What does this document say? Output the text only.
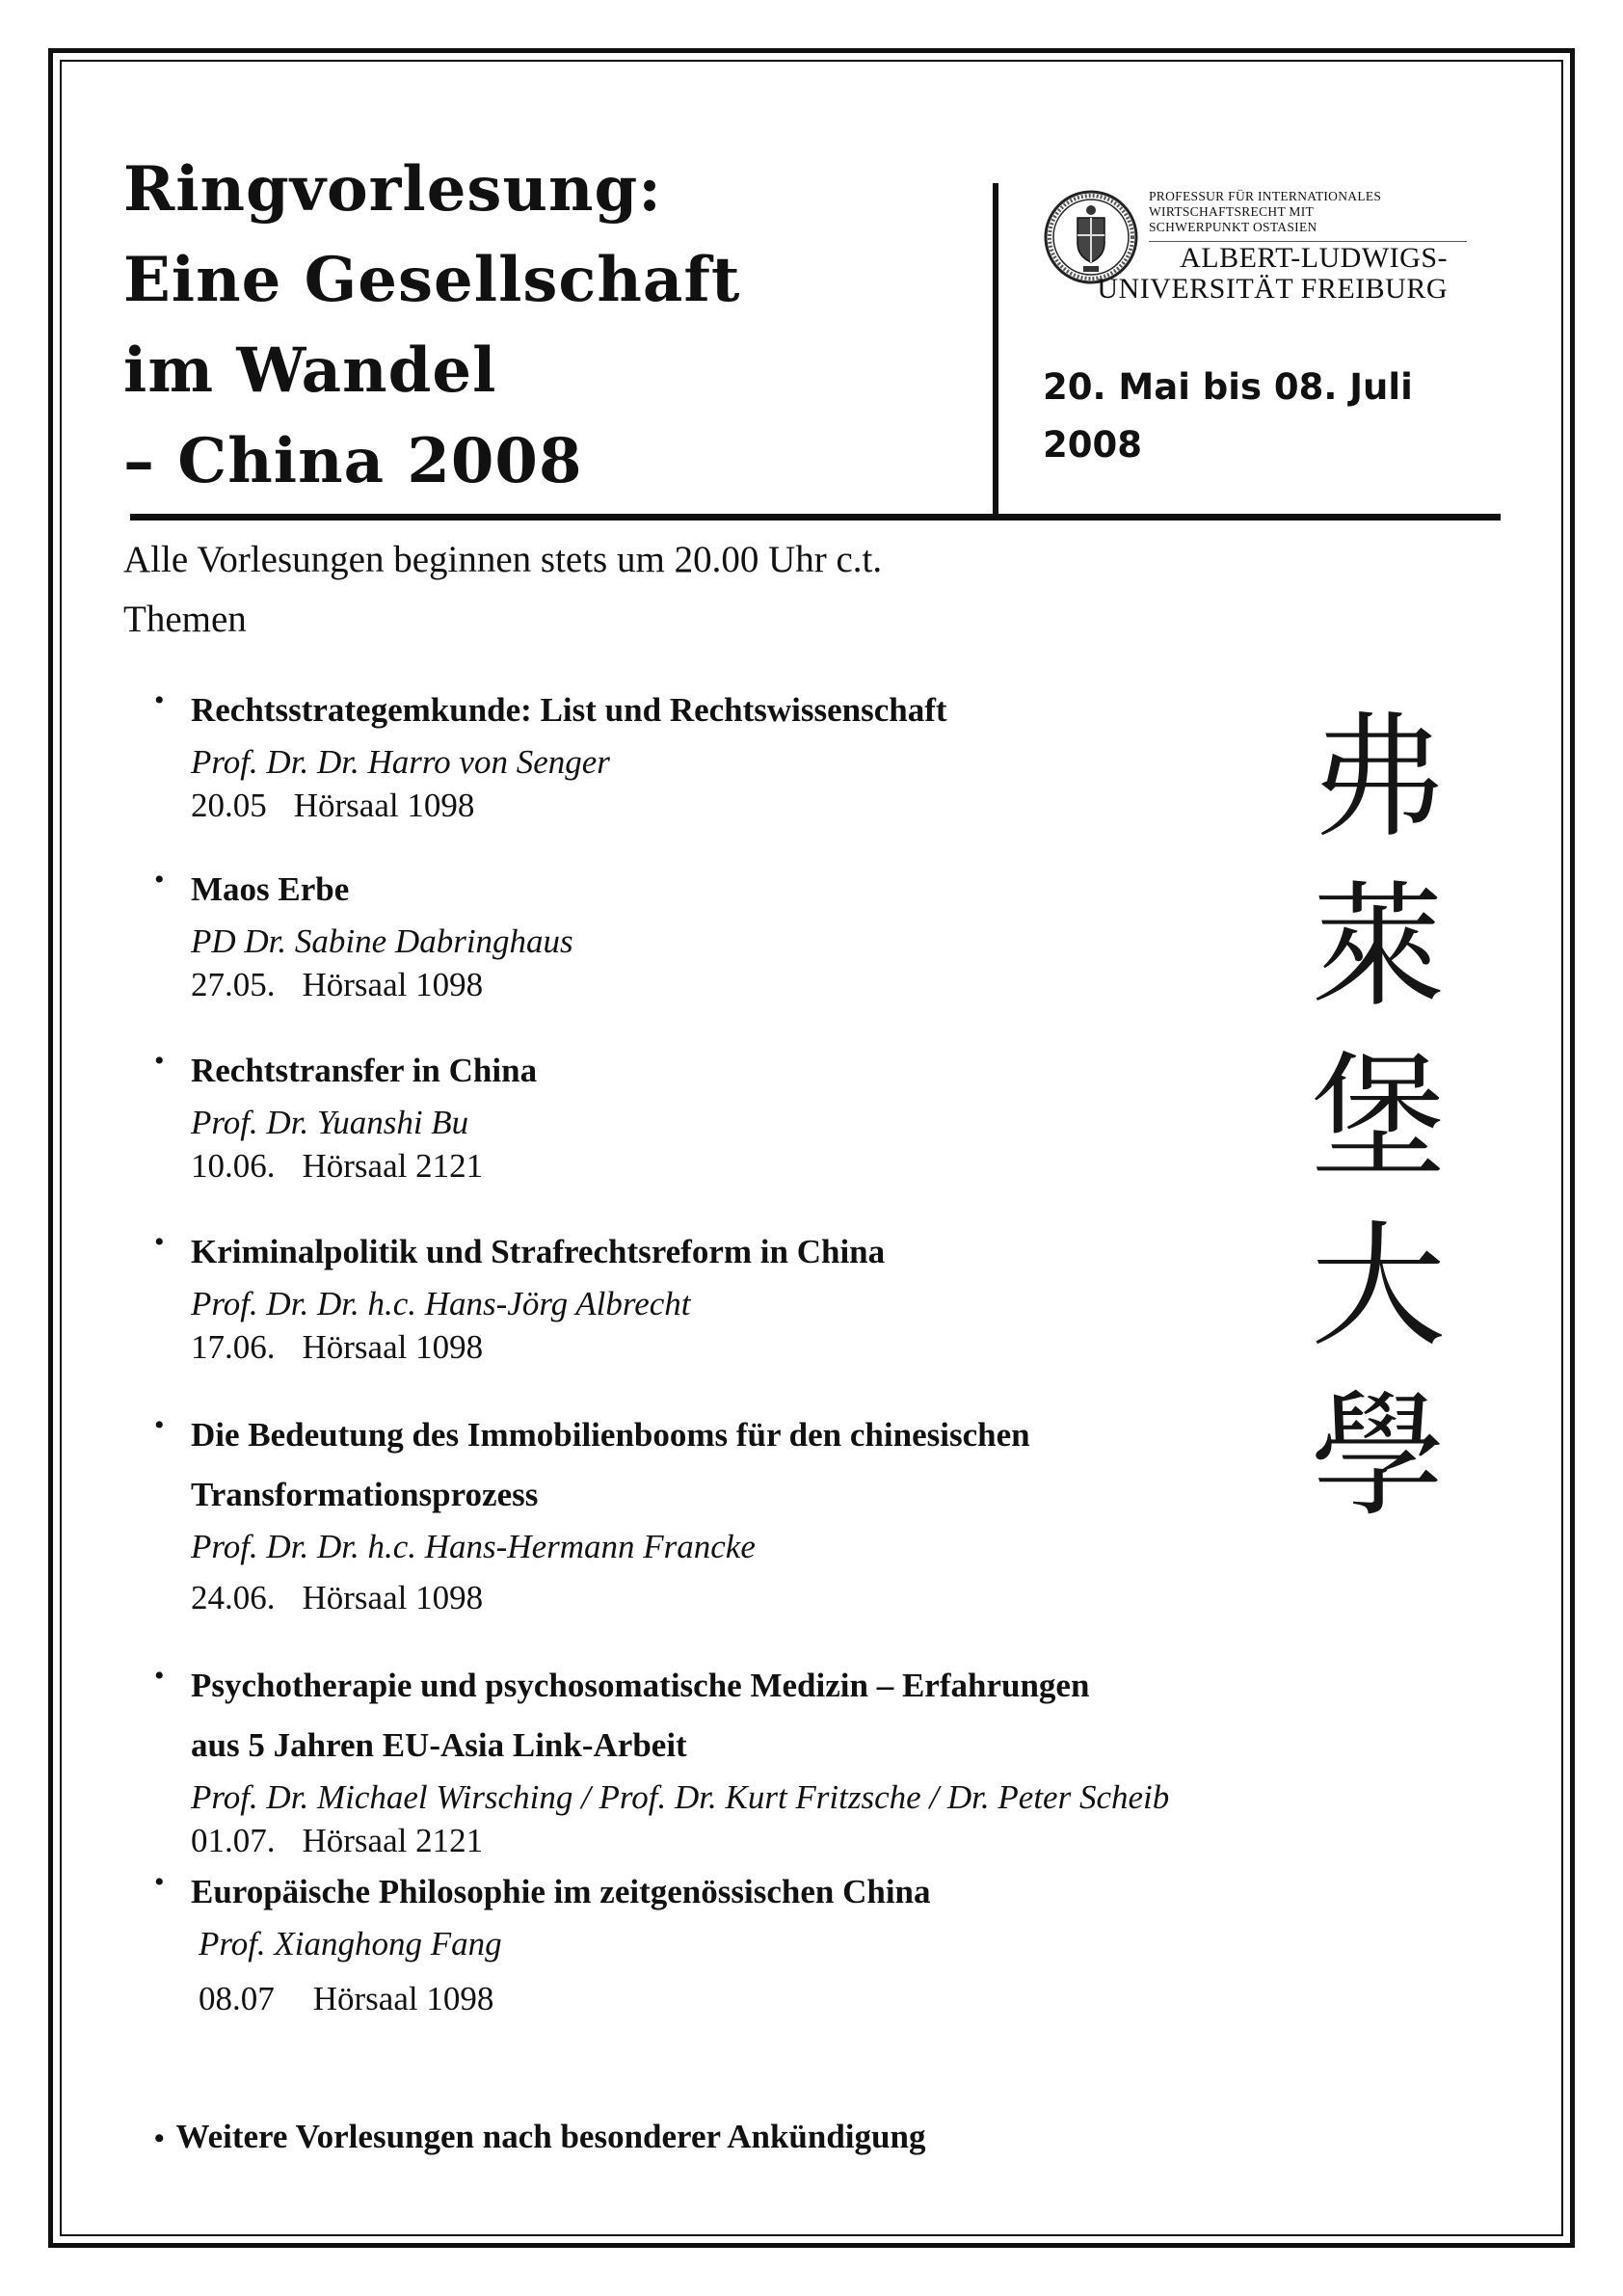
Ringvorlesung:
Eine Gesellschaft
im Wandel
– China 2008
PROFESSUR FÜR INTERNATIONALES
WIRTSCHAFTSRECHT MIT
SCHWERPUNKT OSTASIEN
ALBERT-LUDWIGS-
UNIVERSITÄT FREIBURG
20. Mai bis 08. Juli
2008
Alle Vorlesungen beginnen stets um 20.00 Uhr c.t.
Themen
• Rechtsstrategemkunde: List und Rechtswissenschaft
Prof. Dr. Dr. Harro von Senger
20.05 Hörsaal 1098
• Maos Erbe
PD Dr. Sabine Dabringhaus
27.05. Hörsaal 1098
• Rechtstransfer in China
Prof. Dr. Yuanshi Bu
10.06. Hörsaal 2121
• Kriminalpolitik und Strafrechtsreform in China
Prof. Dr. Dr. h.c. Hans-Jörg Albrecht
17.06. Hörsaal 1098
• Die Bedeutung des Immobilienbooms für den chinesischen
Transformationsprozess
Prof. Dr. Dr. h.c. Hans-Hermann Francke
24.06. Hörsaal 1098
• Psychotherapie und psychosomatische Medizin – Erfahrungen
aus 5 Jahren EU-Asia Link-Arbeit
Prof. Dr. Michael Wirsching / Prof. Dr. Kurt Fritzsche / Dr. Peter Scheib
01.07. Hörsaal 2121
• Europäische Philosophie im zeitgenössischen China
Prof. Xianghong Fang
08.07 Hörsaal 1098
• Weitere Vorlesungen nach besonderer Ankündigung
弗
萊
堡
大
學
